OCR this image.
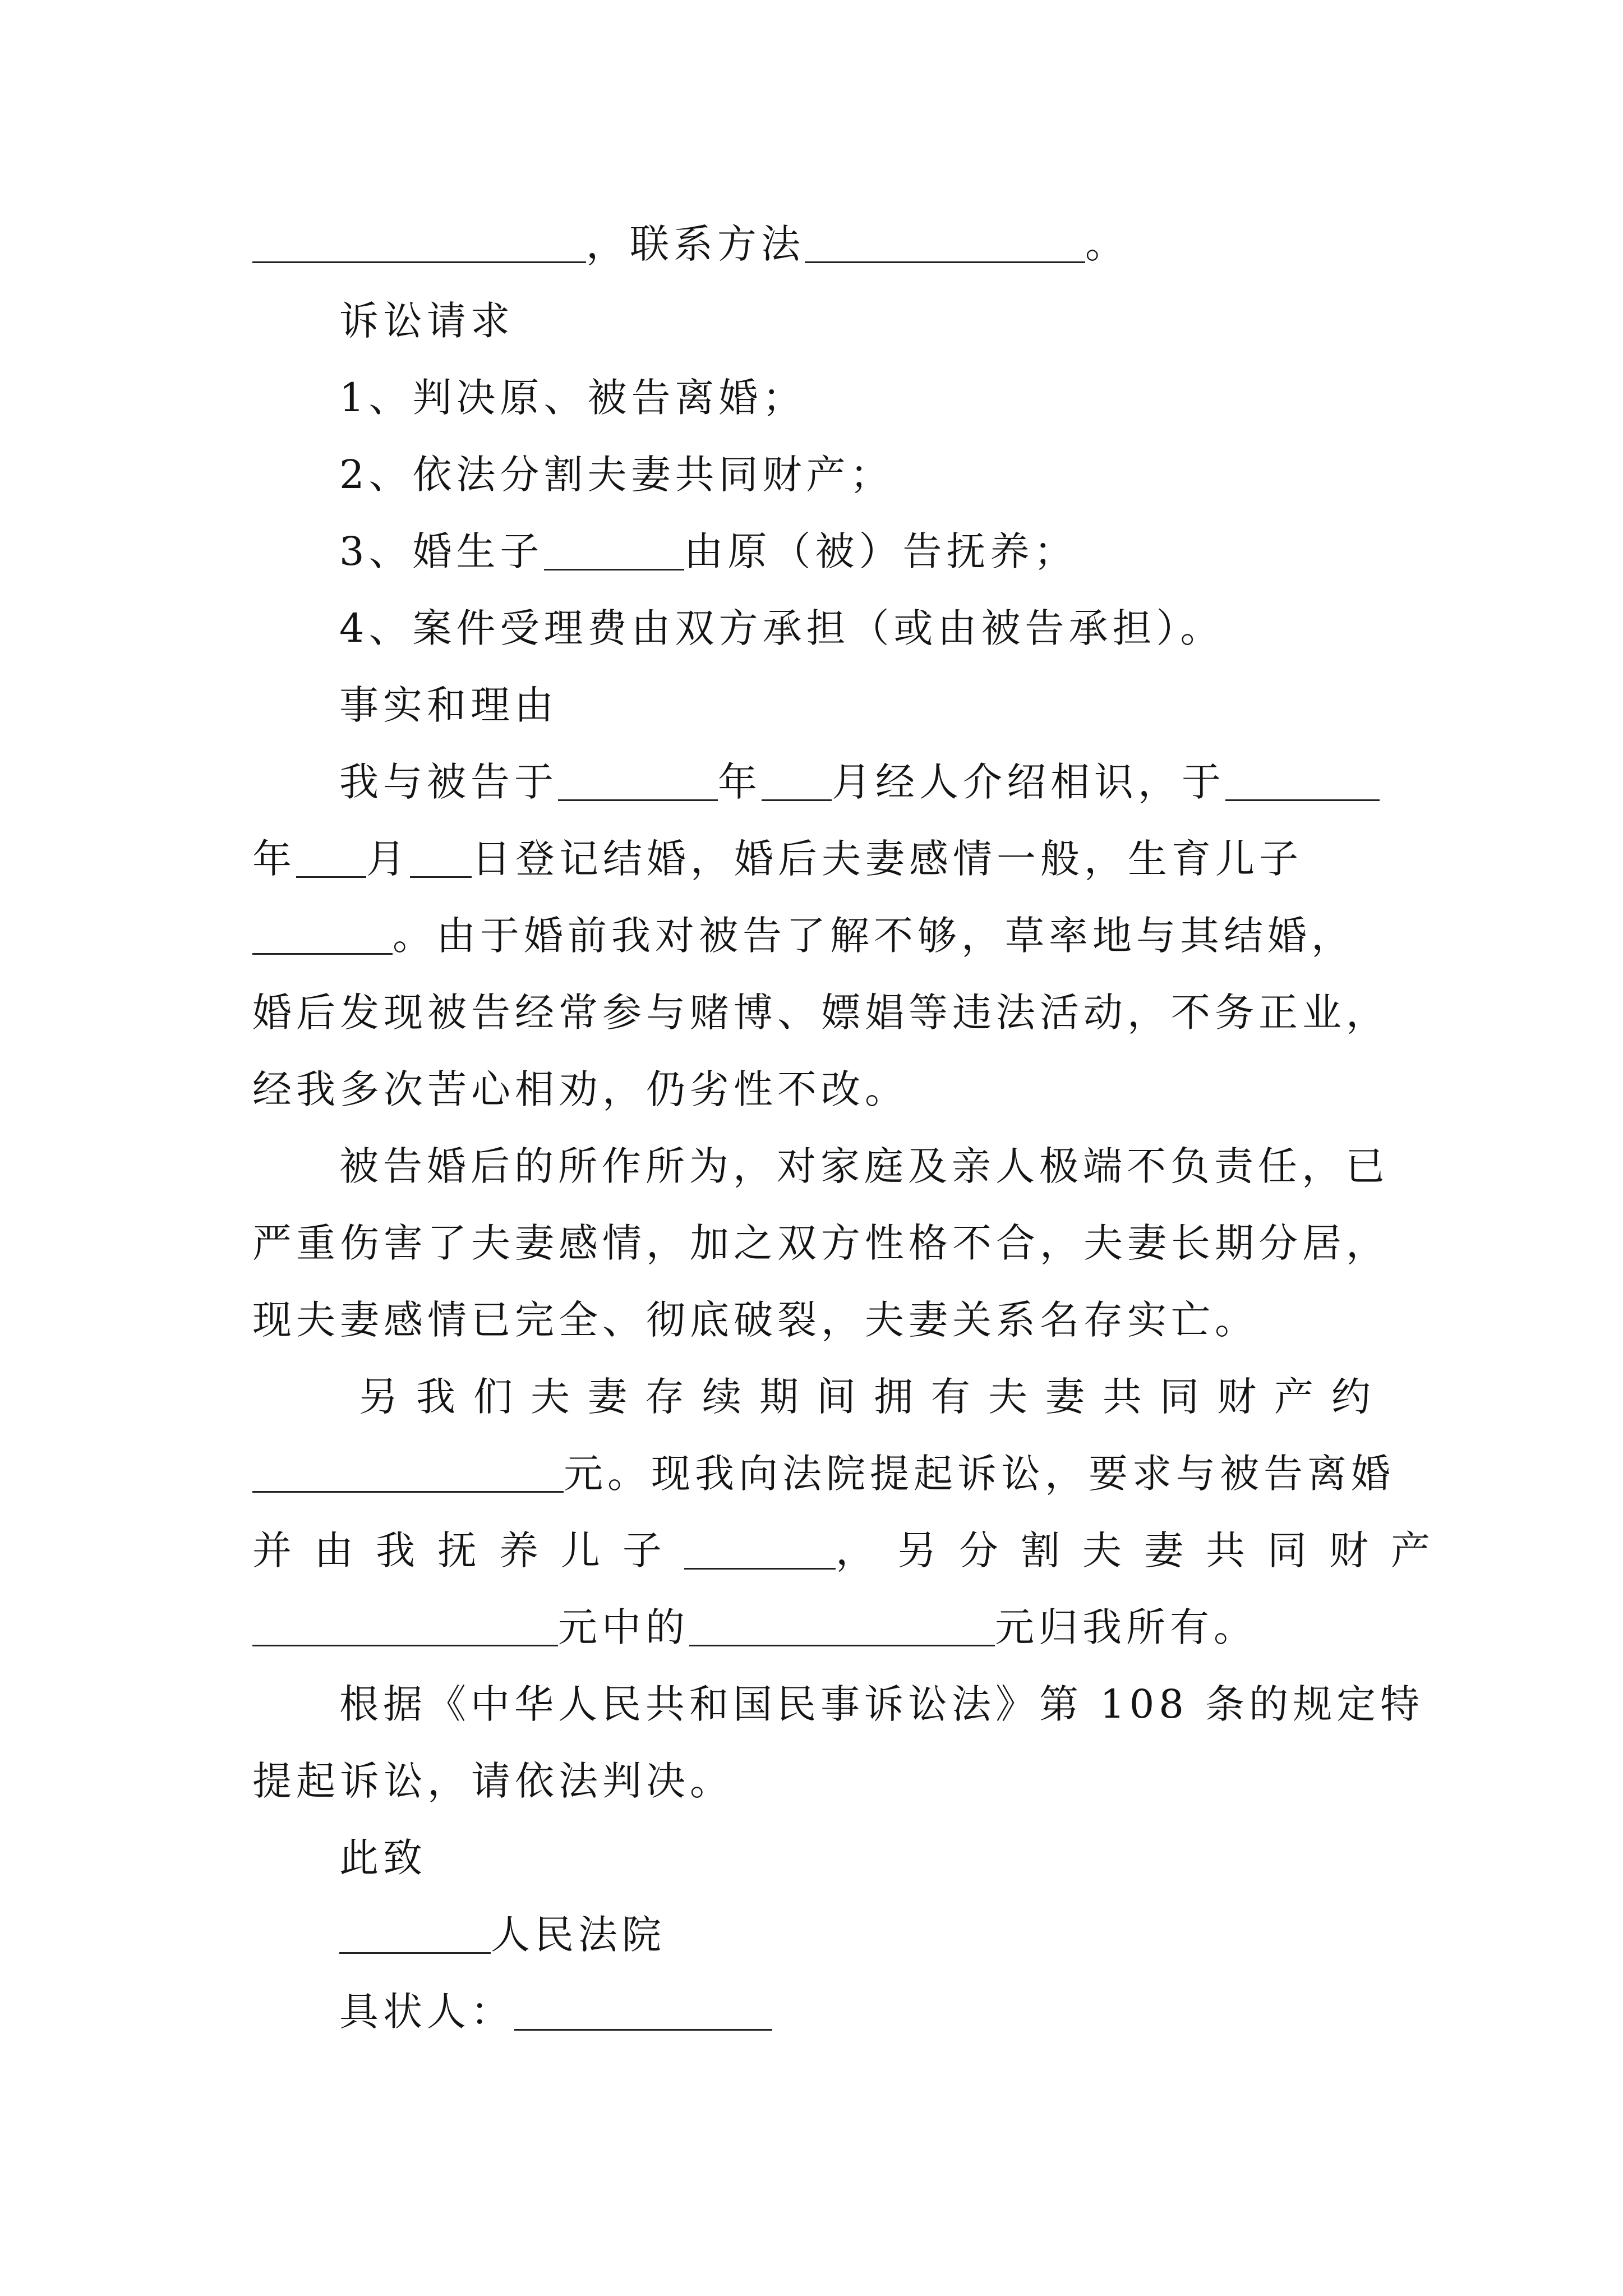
，联系方法	。
诉讼请求
1、判决原、被告离婚；
2、依法分割夫妻共同财产；
3、婚生子	由原（被）告抚养；
4、案件受理费由双方承担（或由被告承担）。
事实和理由
我与被告于	年 月经人介绍相识，于
年 月 日登记结婚，婚后夫妻感情一般，生育儿子
。由于婚前我对被告了解不够，草率地与其结婚，
婚后发现被告经常参与赌博、嫖娼等违法活动，不务正业，
经我多次苦心相劝，仍劣性不改。
被告婚后的所作所为，对家庭及亲人极端不负责任，已
严重伤害了夫妻感情，加之双方性格不合，夫妻长期分居，
现夫妻感情已完全、彻底破裂，夫妻关系名存实亡。
另我们夫妻存续期间拥有夫妻共同财产约
元。现我向法院提起诉讼，要求与被告离婚
并由我抚养儿子	，另分割夫妻共同财产
元中的	元归我所有。
根据《中华人民共和国民事诉讼法》第 108 条的规定特
提起诉讼，请依法判决。
此致
人民法院
具状人：
